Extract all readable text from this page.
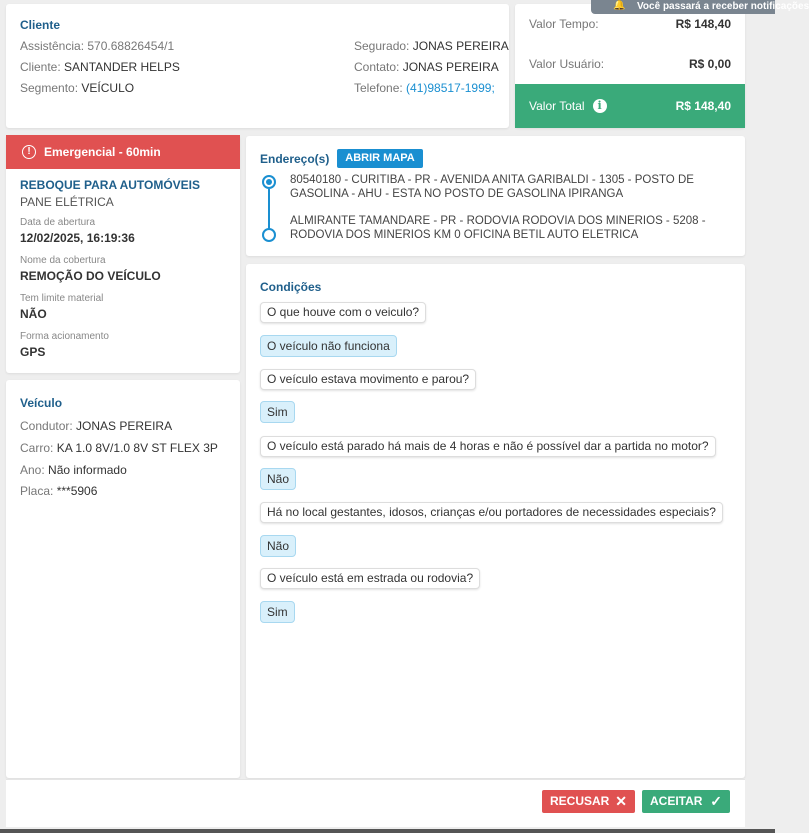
Cliente
Assistência: 570.68826454/1
Cliente: SANTANDER HELPS
Segmento: VEÍCULO
Segurado: JONAS PEREIRA
Contato: JONAS PEREIRA
Telefone: (41)98517-1999;
Valor Tempo:	R$ 148,40
Valor Usuário:	R$ 0,00
Valor Total i	R$ 148,40
🔔 Você passará a receber notificações
!	Emergencial - 60min
REBOQUE PARA AUTOMÓVEIS
PANE ELÉTRICA
Data de abertura
12/02/2025, 16:19:36
Nome da cobertura
REMOÇÃO DO VEÍCULO
Tem limite material
NÃO
Forma acionamento
GPS
Veículo
Condutor: JONAS PEREIRA
Carro: KA 1.0 8V/1.0 8V ST FLEX 3P
Ano: Não informado
Placa: ***5906
Endereço(s)	ABRIR MAPA
80540180 - CURITIBA - PR - AVENIDA ANITA GARIBALDI - 1305 - POSTO DE GASOLINA - AHU - ESTA NO POSTO DE GASOLINA IPIRANGA
ALMIRANTE TAMANDARE - PR - RODOVIA RODOVIA DOS MINERIOS - 5208 - RODOVIA DOS MINERIOS KM 0 OFICINA BETIL AUTO ELETRICA
Condições
O que houve com o veiculo?
O veículo não funciona
O veículo estava movimento e parou?
Sim
O veículo está parado há mais de 4 horas e não é possível dar a partida no motor?
Não
Há no local gestantes, idosos, crianças e/ou portadores de necessidades especiais?
Não
O veículo está em estrada ou rodovia?
Sim
RECUSAR ✕	ACEITAR ✓
